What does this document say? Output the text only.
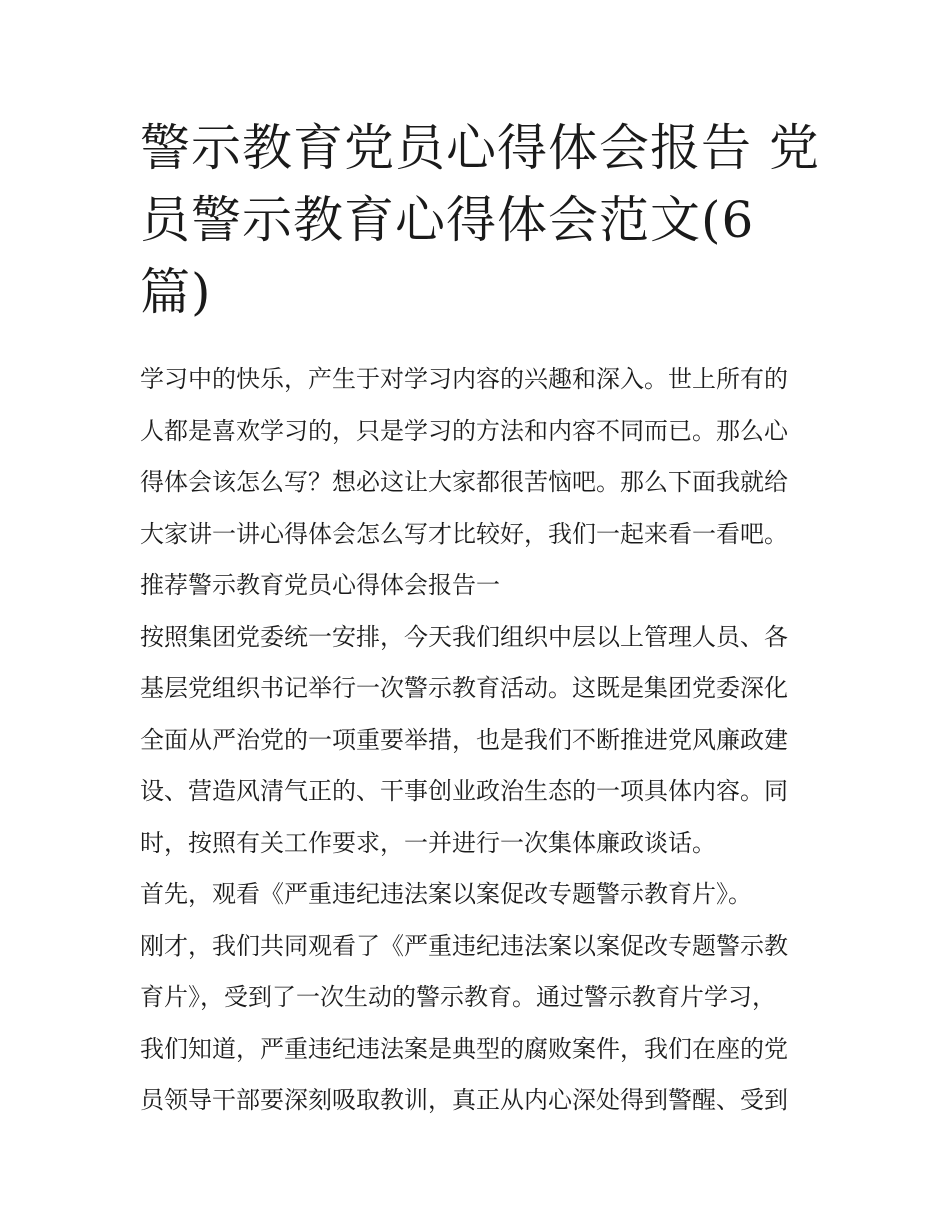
警示教育党员心得体会报告 党
员警示教育心得体会范文(6
篇)
学习中的快乐，产生于对学习内容的兴趣和深入。世上所有的
人都是喜欢学习的，只是学习的方法和内容不同而已。那么心
得体会该怎么写？想必这让大家都很苦恼吧。那么下面我就给
大家讲一讲心得体会怎么写才比较好，我们一起来看一看吧。
推荐警示教育党员心得体会报告一
按照集团党委统一安排，今天我们组织中层以上管理人员、各
基层党组织书记举行一次警示教育活动。这既是集团党委深化
全面从严治党的一项重要举措，也是我们不断推进党风廉政建
设、营造风清气正的、干事创业政治生态的一项具体内容。同
时，按照有关工作要求，一并进行一次集体廉政谈话。
首先，观看《严重违纪违法案以案促改专题警示教育片》。
刚才，我们共同观看了《严重违纪违法案以案促改专题警示教
育片》，受到了一次生动的警示教育。通过警示教育片学习，
我们知道，严重违纪违法案是典型的腐败案件，我们在座的党
员领导干部要深刻吸取教训，真正从内心深处得到警醒、受到
